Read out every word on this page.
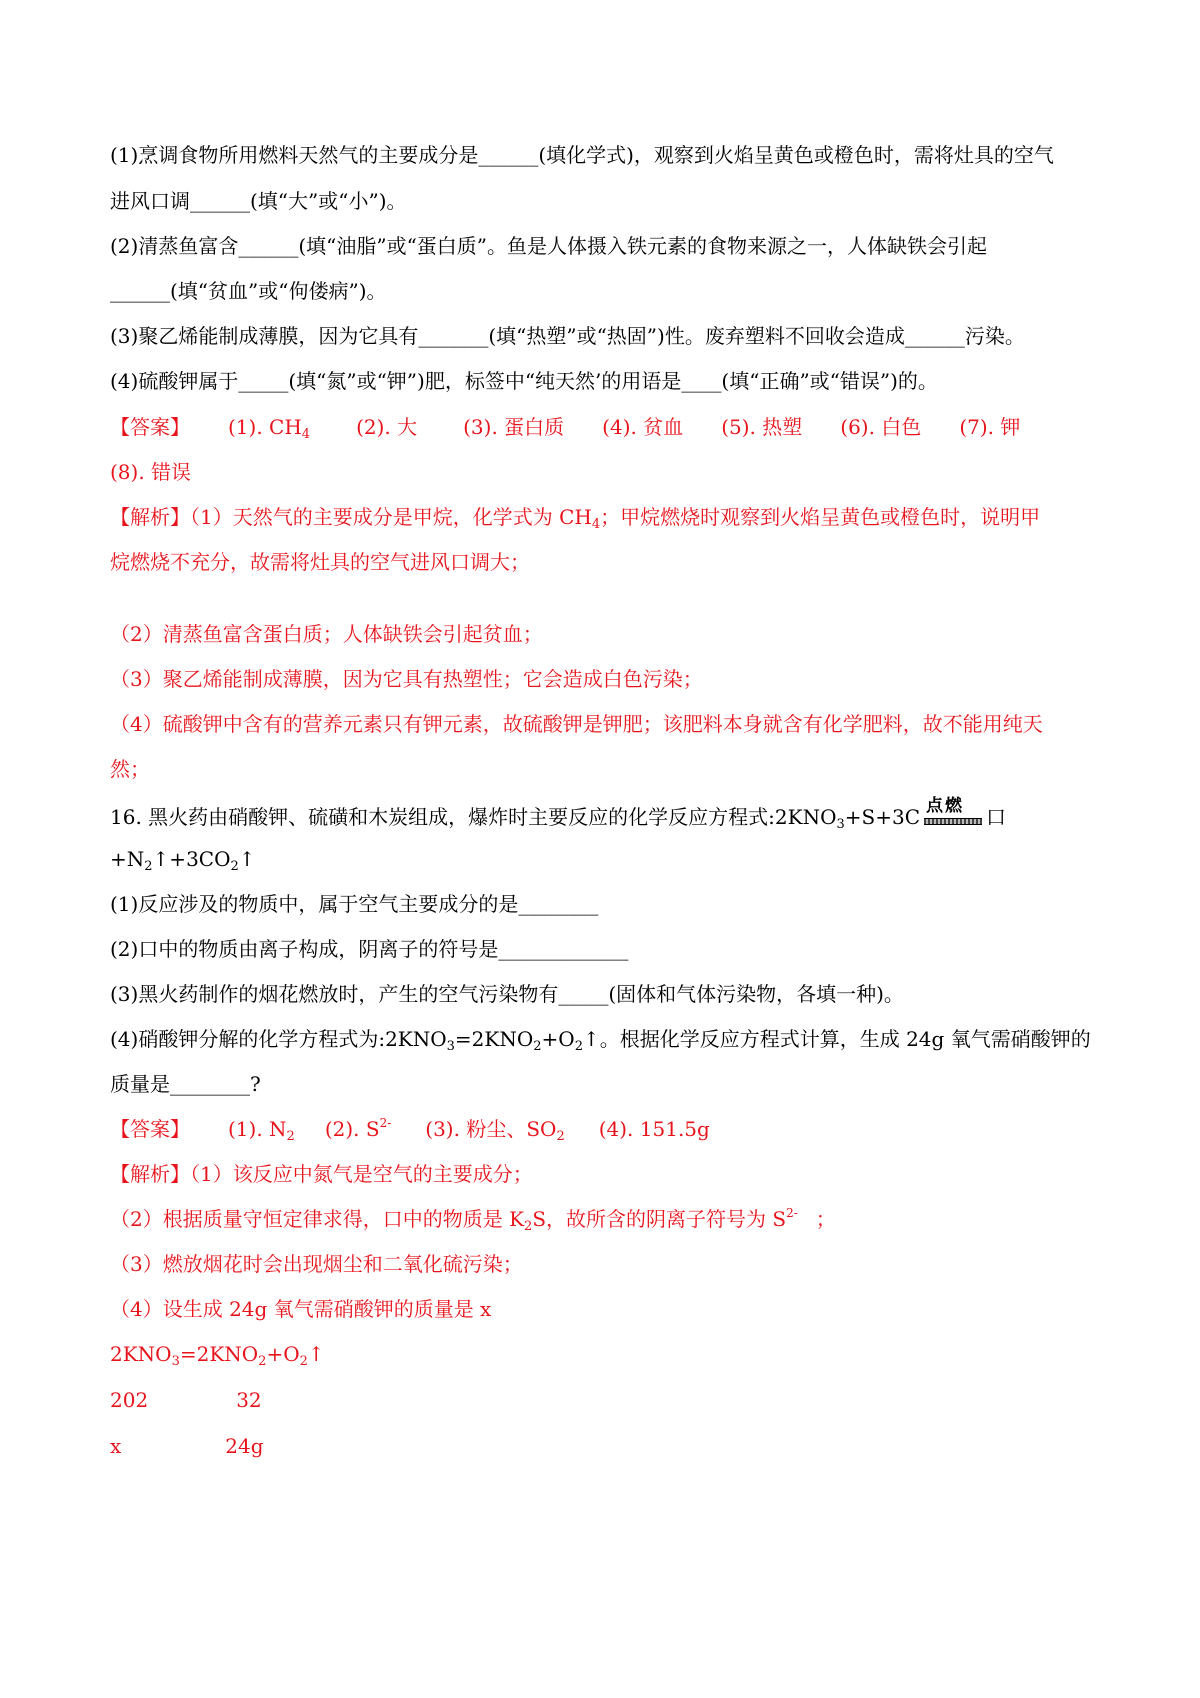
(1)烹调食物所用燃料天然气的主要成分是______(填化学式)，观察到火焰呈黄色或橙色时，需将灶具的空气
进风口调______(填“大”或“小”)。
(2)清蒸鱼富含______(填“油脂”或“蛋白质”。鱼是人体摄入铁元素的食物来源之一，人体缺铁会引起
______(填“贫血”或“佝偻病”)。
(3)聚乙烯能制成薄膜，因为它具有_______(填“热塑”或“热固”)性。废弃塑料不回收会造成______污染。
(4)硫酸钾属于_____(填“氮”或“钾”)肥，标签中“纯天然’的用语是____(填“正确”或“错误”)的。
【答案】 (1). $CH_4$ (2). 大 (3). 蛋白质 (4). 贫血 (5). 热塑 (6). 白色 (7). 钾
(8). 错误
【解析】（1）天然气的主要成分是甲烷，化学式为 $CH_4$；甲烷燃烧时观察到火焰呈黄色或橙色时，说明甲
烷燃烧不充分，故需将灶具的空气进风口调大；
（2）清蒸鱼富含蛋白质；人体缺铁会引起贫血；
（3）聚乙烯能制成薄膜，因为它具有热塑性；它会造成白色污染；
（4）硫酸钾中含有的营养元素只有钾元素，故硫酸钾是钾肥；该肥料本身就含有化学肥料，故不能用纯天
然；
16. 黑火药由硝酸钾、硫磺和木炭组成，爆炸时主要反应的化学反应方程式$:2KNO_3+S+3C$ 点燃 口
$+N_2↑+3CO_2↑$
(1)反应涉及的物质中，属于空气主要成分的是________
(2)口中的物质由离子构成，阴离子的符号是_____________
(3)黑火药制作的烟花燃放时，产生的空气污染物有_____(固体和气体污染物，各填一种)。
(4)硝酸钾分解的化学方程式为$:2KNO_3=2KNO_2+O_2↑$。根据化学反应方程式计算，生成 24g 氧气需硝酸钾的
质量是________?
【答案】 (1). $N_2$ (2). $S^{2-}$ (3). 粉尘、$SO_2$ (4). 151.5g
【解析】（1）该反应中氮气是空气的主要成分；
（2）根据质量守恒定律求得，口中的物质是 $K_2S$，故所含的阴离子符号为 $S^{2-}$ ；
（3）燃放烟花时会出现烟尘和二氧化硫污染；
（4）设生成 24g 氧气需硝酸钾的质量是 x
$2KNO_3=2KNO_2+O_2↑$
202	32
x	24g
